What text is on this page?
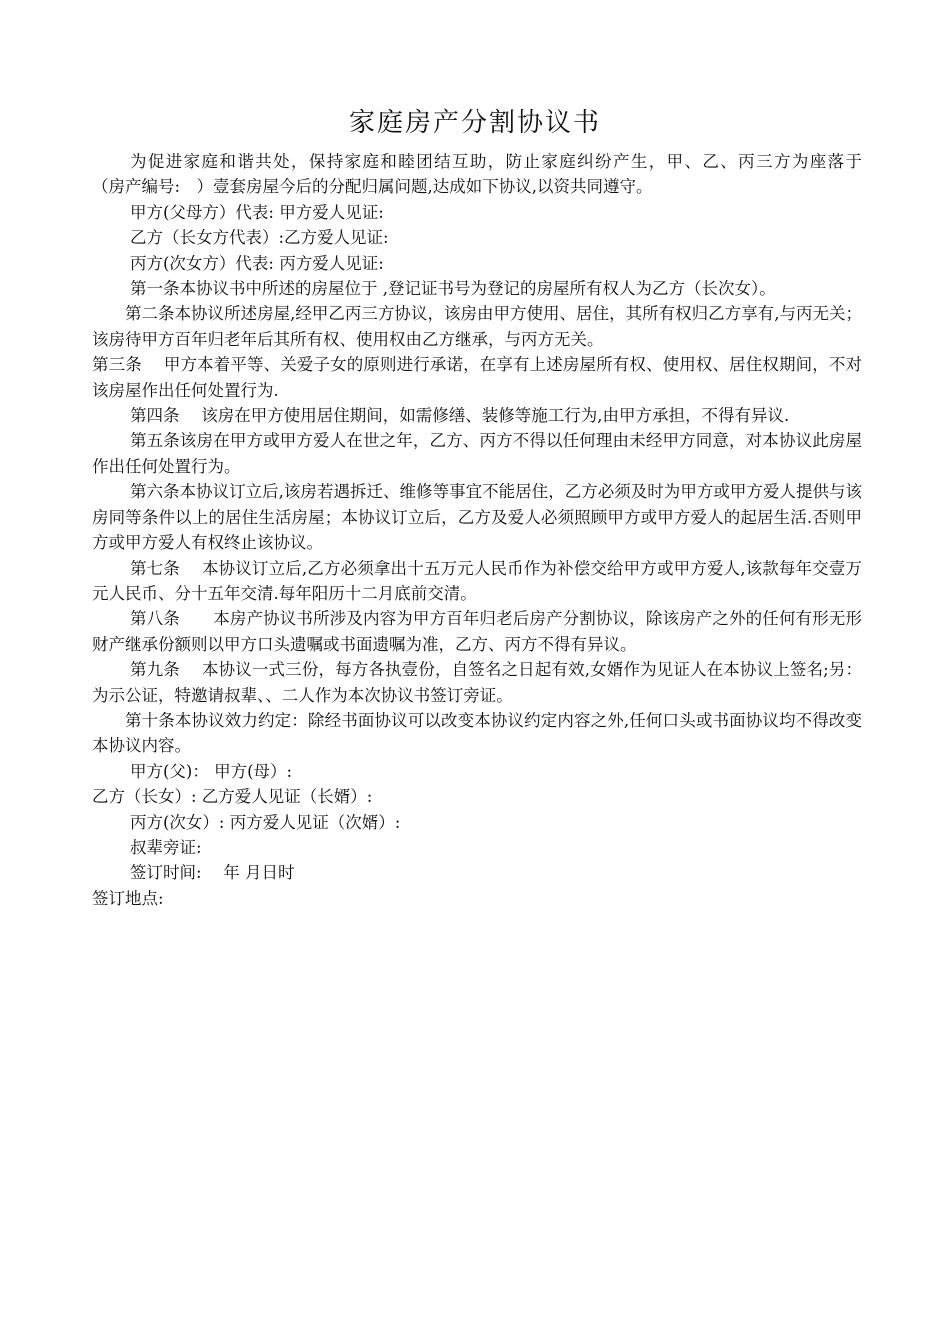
家庭房产分割协议书

为促进家庭和谐共处，保持家庭和睦团结互助，防止家庭纠纷产生，甲、乙、丙三方为座落于　　（房产编号:　）壹套房屋今后的分配归属问题,达成如下协议,以资共同遵守。

甲方(父母方）代表: 甲方爱人见证:

乙方（长女方代表）:乙方爱人见证:

丙方(次女方）代表: 丙方爱人见证:

第一条本协议书中所述的房屋位于 ,登记证书号为登记的房屋所有权人为乙方（长次女）。

第二条本协议所述房屋,经甲乙丙三方协议，该房由甲方使用、居住，其所有权归乙方享有,与丙无关；该房待甲方百年归老年后其所有权、使用权由乙方继承，与丙方无关。

第三条　 甲方本着平等、关爱子女的原则进行承诺，在享有上述房屋所有权、使用权、居住权期间，不对该房屋作出任何处置行为.

第四条　 该房在甲方使用居住期间，如需修缮、装修等施工行为,由甲方承担，不得有异议.

第五条该房在甲方或甲方爱人在世之年，乙方、丙方不得以任何理由未经甲方同意，对本协议此房屋作出任何处置行为。

第六条本协议订立后,该房若遇拆迁、维修等事宜不能居住，乙方必须及时为甲方或甲方爱人提供与该房同等条件以上的居住生活房屋；本协议订立后，乙方及爱人必须照顾甲方或甲方爱人的起居生活.否则甲方或甲方爱人有权终止该协议。

第七条　 本协议订立后,乙方必须拿出十五万元人民币作为补偿交给甲方或甲方爱人,该款每年交壹万元人民币、分十五年交清.每年阳历十二月底前交清。

第八条　　本房产协议书所涉及内容为甲方百年归老后房产分割协议，除该房产之外的任何有形无形财产继承份额则以甲方口头遗嘱或书面遗嘱为准，乙方、丙方不得有异议。

第九条　 本协议一式三份，每方各执壹份，自签名之日起有效,女婿作为见证人在本协议上签名;另：为示公证，特邀请叔辈、、二人作为本次协议书签订旁证。

第十条本协议效力约定：除经书面协议可以改变本协议约定内容之外,任何口头或书面协议均不得改变本协议内容。

甲方(父)： 甲方(母）:

乙方（长女）: 乙方爱人见证（长婿）:

丙方(次女）: 丙方爱人见证（次婿）:

叔辈旁证:

签订时间:　 年 月日时

签订地点:
